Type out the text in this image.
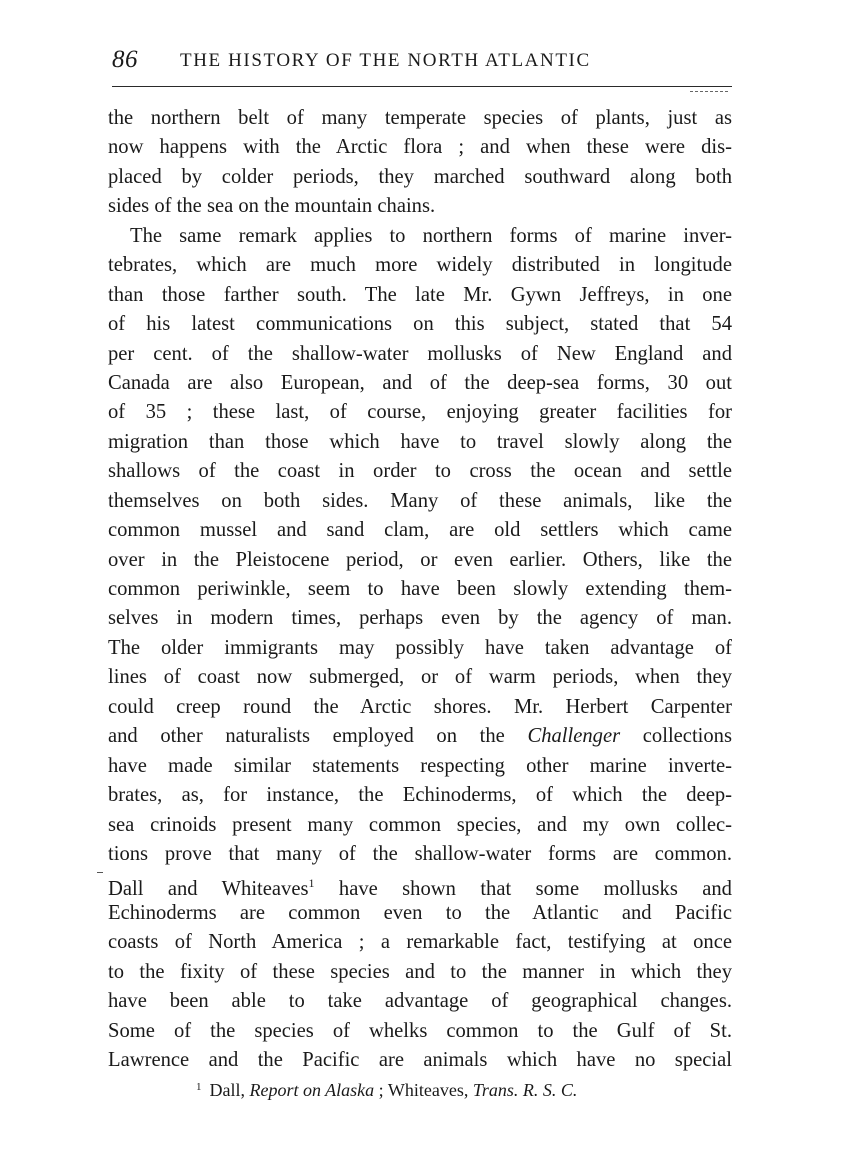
86 THE HISTORY OF THE NORTH ATLANTIC
the northern belt of many temperate species of plants, just as
now happens with the Arctic flora ; and when these were dis-
placed by colder periods, they marched southward along both
sides of the sea on the mountain chains.
The same remark applies to northern forms of marine inver-
tebrates, which are much more widely distributed in longitude
than those farther south. The late Mr. Gywn Jeffreys, in one
of his latest communications on this subject, stated that 54
per cent. of the shallow-water mollusks of New England and
Canada are also European, and of the deep-sea forms, 30 out
of 35 ; these last, of course, enjoying greater facilities for
migration than those which have to travel slowly along the
shallows of the coast in order to cross the ocean and settle
themselves on both sides. Many of these animals, like the
common mussel and sand clam, are old settlers which came
over in the Pleistocene period, or even earlier. Others, like the
common periwinkle, seem to have been slowly extending them-
selves in modern times, perhaps even by the agency of man.
The older immigrants may possibly have taken advantage of
lines of coast now submerged, or of warm periods, when they
could creep round the Arctic shores. Mr. Herbert Carpenter
and other naturalists employed on the Challenger collections
have made similar statements respecting other marine inverte-
brates, as, for instance, the Echinoderms, of which the deep-
sea crinoids present many common species, and my own collec-
tions prove that many of the shallow-water forms are common.
Dall and Whiteaves$^1$ have shown that some mollusks and
Echinoderms are common even to the Atlantic and Pacific
coasts of North America ; a remarkable fact, testifying at once
to the fixity of these species and to the manner in which they
have been able to take advantage of geographical changes.
Some of the species of whelks common to the Gulf of St.
Lawrence and the Pacific are animals which have no special
$^1$ Dall, Report on Alaska ; Whiteaves, Trans. R. S. C.
